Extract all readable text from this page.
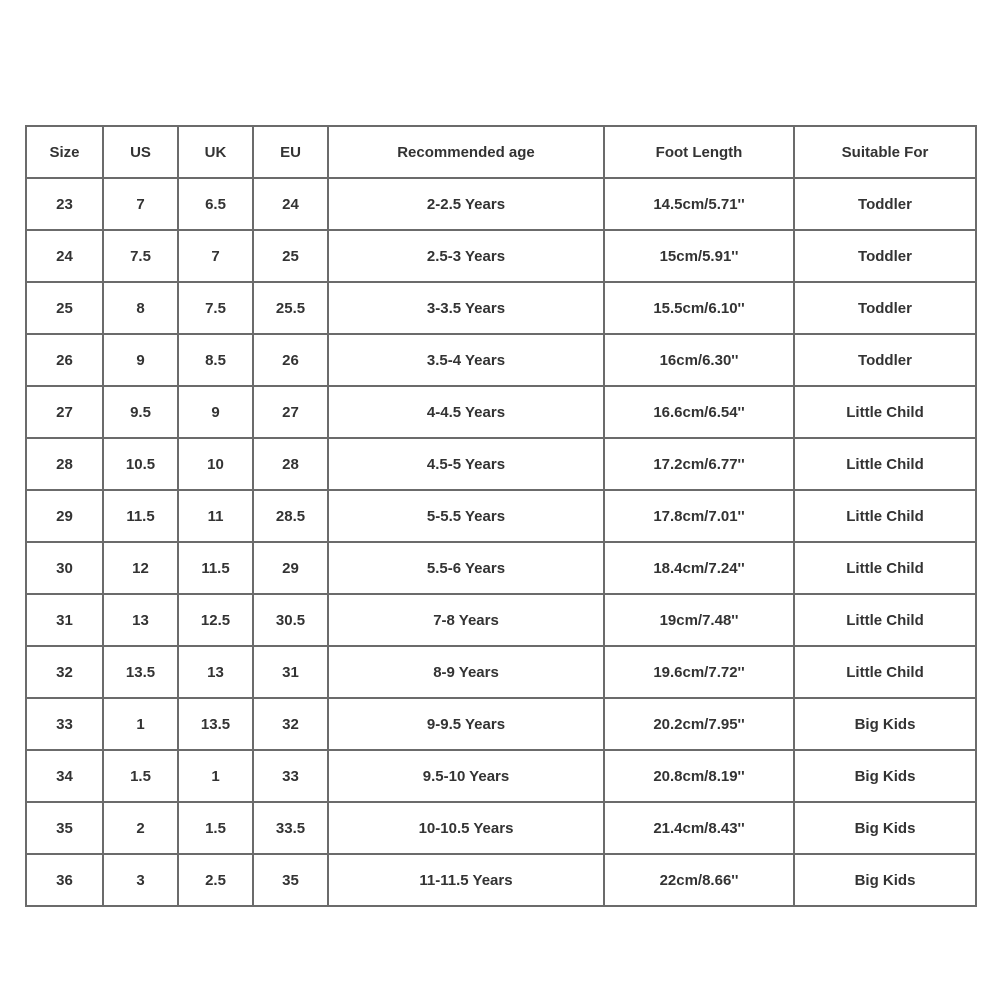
Size	US	UK	EU	Recommended age	Foot Length	Suitable For
23	7	6.5	24	2-2.5 Years	14.5cm/5.71''	Toddler
24	7.5	7	25	2.5-3 Years	15cm/5.91''	Toddler
25	8	7.5	25.5	3-3.5 Years	15.5cm/6.10''	Toddler
26	9	8.5	26	3.5-4 Years	16cm/6.30''	Toddler
27	9.5	9	27	4-4.5 Years	16.6cm/6.54''	Little Child
28	10.5	10	28	4.5-5 Years	17.2cm/6.77''	Little Child
29	11.5	11	28.5	5-5.5 Years	17.8cm/7.01''	Little Child
30	12	11.5	29	5.5-6 Years	18.4cm/7.24''	Little Child
31	13	12.5	30.5	7-8 Years	19cm/7.48''	Little Child
32	13.5	13	31	8-9 Years	19.6cm/7.72''	Little Child
33	1	13.5	32	9-9.5 Years	20.2cm/7.95''	Big Kids
34	1.5	1	33	9.5-10 Years	20.8cm/8.19''	Big Kids
35	2	1.5	33.5	10-10.5 Years	21.4cm/8.43''	Big Kids
36	3	2.5	35	11-11.5 Years	22cm/8.66''	Big Kids
